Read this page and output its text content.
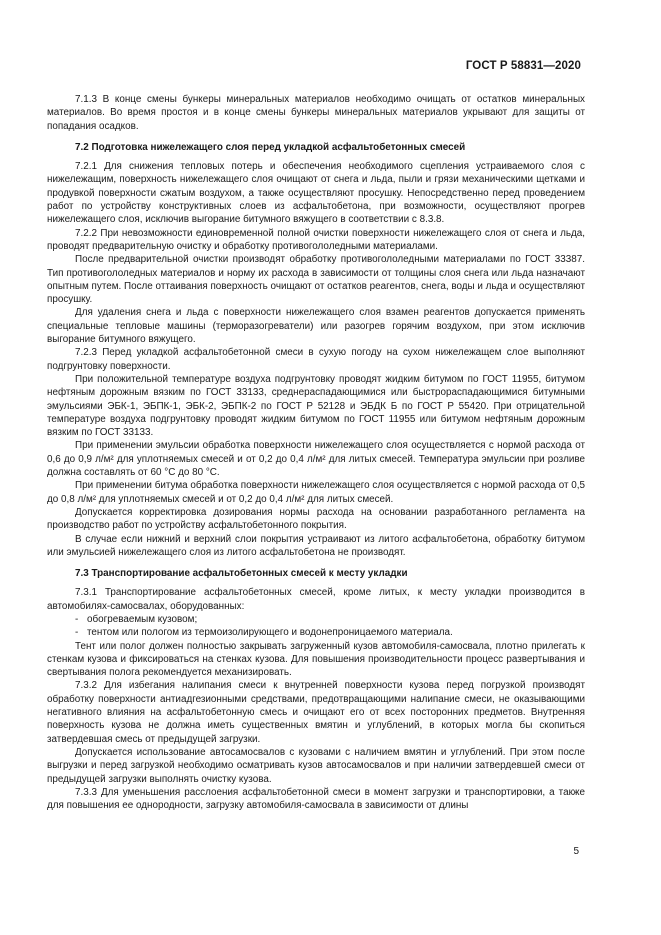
ГОСТ Р 58831—2020
7.1.3 В конце смены бункеры минеральных материалов необходимо очищать от остатков минеральных материалов. Во время простоя и в конце смены бункеры минеральных материалов укрывают для защиты от попадания осадков.
7.2 Подготовка нижележащего слоя перед укладкой асфальтобетонных смесей
7.2.1 Для снижения тепловых потерь и обеспечения необходимого сцепления устраиваемого слоя с нижележащим, поверхность нижележащего слоя очищают от снега и льда, пыли и грязи механическими щетками и продувкой поверхности сжатым воздухом, а также осуществляют просушку. Непосредственно перед проведением работ по устройству конструктивных слоев из асфальтобетона, при возможности, осуществляют прогрев нижележащего слоя, исключив выгорание битумного вяжущего в соответствии с 8.3.8.
7.2.2 При невозможности единовременной полной очистки поверхности нижележащего слоя от снега и льда, проводят предварительную очистку и обработку противогололедными материалами.
После предварительной очистки производят обработку противогололедными материалами по ГОСТ 33387. Тип противогололедных материалов и норму их расхода в зависимости от толщины слоя снега или льда назначают опытным путем. После оттаивания поверхность очищают от остатков реагентов, снега, воды и льда и осуществляют просушку.
Для удаления снега и льда с поверхности нижележащего слоя взамен реагентов допускается применять специальные тепловые машины (терморазогреватели) или разогрев горячим воздухом, при этом исключив выгорание битумного вяжущего.
7.2.3 Перед укладкой асфальтобетонной смеси в сухую погоду на сухом нижележащем слое выполняют подгрунтовку поверхности.
При положительной температуре воздуха подгрунтовку проводят жидким битумом по ГОСТ 11955, битумом нефтяным дорожным вязким по ГОСТ 33133, среднераспадающимися или быстрораспадающимися битумными эмульсиями ЭБК-1, ЭБПК-1, ЭБК-2, ЭБПК-2 по ГОСТ Р 52128 и ЭБДК Б по ГОСТ Р 55420. При отрицательной температуре воздуха подгрунтовку проводят жидким битумом по ГОСТ 11955 или битумом нефтяным дорожным вязким по ГОСТ 33133.
При применении эмульсии обработка поверхности нижележащего слоя осуществляется с нормой расхода от 0,6 до 0,9 л/м² для уплотняемых смесей и от 0,2 до 0,4 л/м² для литых смесей. Температура эмульсии при розливе должна составлять от 60 °С до 80 °С.
При применении битума обработка поверхности нижележащего слоя осуществляется с нормой расхода от 0,5 до 0,8 л/м² для уплотняемых смесей и от 0,2 до 0,4 л/м² для литых смесей.
Допускается корректировка дозирования нормы расхода на основании разработанного регламента на производство работ по устройству асфальтобетонного покрытия.
В случае если нижний и верхний слои покрытия устраивают из литого асфальтобетона, обработку битумом или эмульсией нижележащего слоя из литого асфальтобетона не производят.
7.3 Транспортирование асфальтобетонных смесей к месту укладки
7.3.1 Транспортирование асфальтобетонных смесей, кроме литых, к месту укладки производится в автомобилях-самосвалах, оборудованных:
- обогреваемым кузовом;
- тентом или пологом из термоизолирующего и водонепроницаемого материала.
Тент или полог должен полностью закрывать загруженный кузов автомобиля-самосвала, плотно прилегать к стенкам кузова и фиксироваться на стенках кузова. Для повышения производительности процесс развертывания и свертывания полога рекомендуется механизировать.
7.3.2 Для избегания налипания смеси к внутренней поверхности кузова перед погрузкой производят обработку поверхности антиадгезионными средствами, предотвращающими налипание смеси, не оказывающими негативного влияния на асфальтобетонную смесь и очищают его от всех посторонних предметов. Внутренняя поверхность кузова не должна иметь существенных вмятин и углублений, в которых могла бы скопиться затвердевшая смесь от предыдущей загрузки.
Допускается использование автосамосвалов с кузовами с наличием вмятин и углублений. При этом после выгрузки и перед загрузкой необходимо осматривать кузов автосамосвалов и при наличии затвердевшей смеси от предыдущей загрузки выполнять очистку кузова.
7.3.3 Для уменьшения расслоения асфальтобетонной смеси в момент загрузки и транспортировки, а также для повышения ее однородности, загрузку автомобиля-самосвала в зависимости от длины
5
